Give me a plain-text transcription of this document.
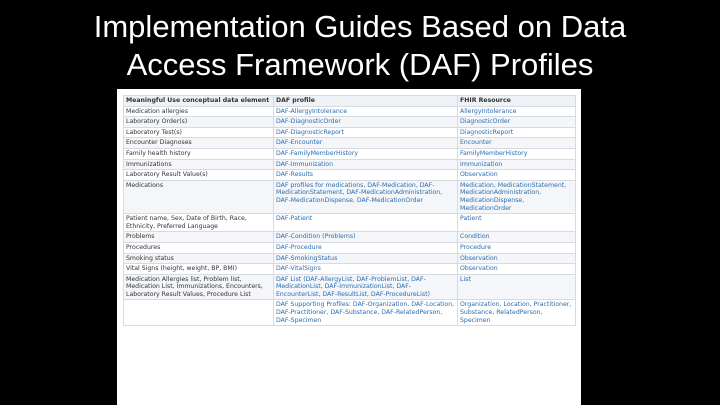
Implementation Guides Based on Data
Access Framework (DAF) Profiles
Meaningful Use conceptual data element	DAF profile	FHIR Resource
Medication allergies	DAF-AllergyIntolerance	AllergyIntolerance
Laboratory Order(s)	DAF-DiagnosticOrder	DiagnosticOrder
Laboratory Test(s)	DAF-DiagnosticReport	DiagnosticReport
Encounter Diagnoses	DAF-Encounter	Encounter
Family health history	DAF-FamilyMemberHistory	FamilyMemberHistory
Immunizations	DAF-Immunization	Immunization
Laboratory Result Value(s)	DAF-Results	Observation
Medications	DAF profiles for medications, DAF-Medication, DAF-MedicationStatement, DAF-MedicationAdministration, DAF-MedicationDispense, DAF-MedicationOrder	Medication, MedicationStatement, MedicationAdministration, MedicationDispense, MedicationOrder
Patient name, Sex, Date of Birth, Race, Ethnicity, Preferred Language	DAF-Patient	Patient
Problems	DAF-Condition (Problems)	Condition
Procedures	DAF-Procedure	Procedure
Smoking status	DAF-SmokingStatus	Observation
Vital Signs (height, weight, BP, BMI)	DAF-VitalSigns	Observation
Medication Allergies list, Problem list, Medication List, Immunizations, Encounters, Laboratory Result Values, Procedure List	DAF List (DAF-AllergyList, DAF-ProblemList, DAF-MedicationList, DAF-ImmunizationList, DAF-EncounterList, DAF-ResultList, DAF-ProcedureList)	List
	DAF Supporting Profiles: DAF-Organization, DAF-Location, DAF-Practitioner, DAF-Substance, DAF-RelatedPerson, DAF-Specimen	Organization, Location, Practitioner, Substance, RelatedPerson, Specimen
